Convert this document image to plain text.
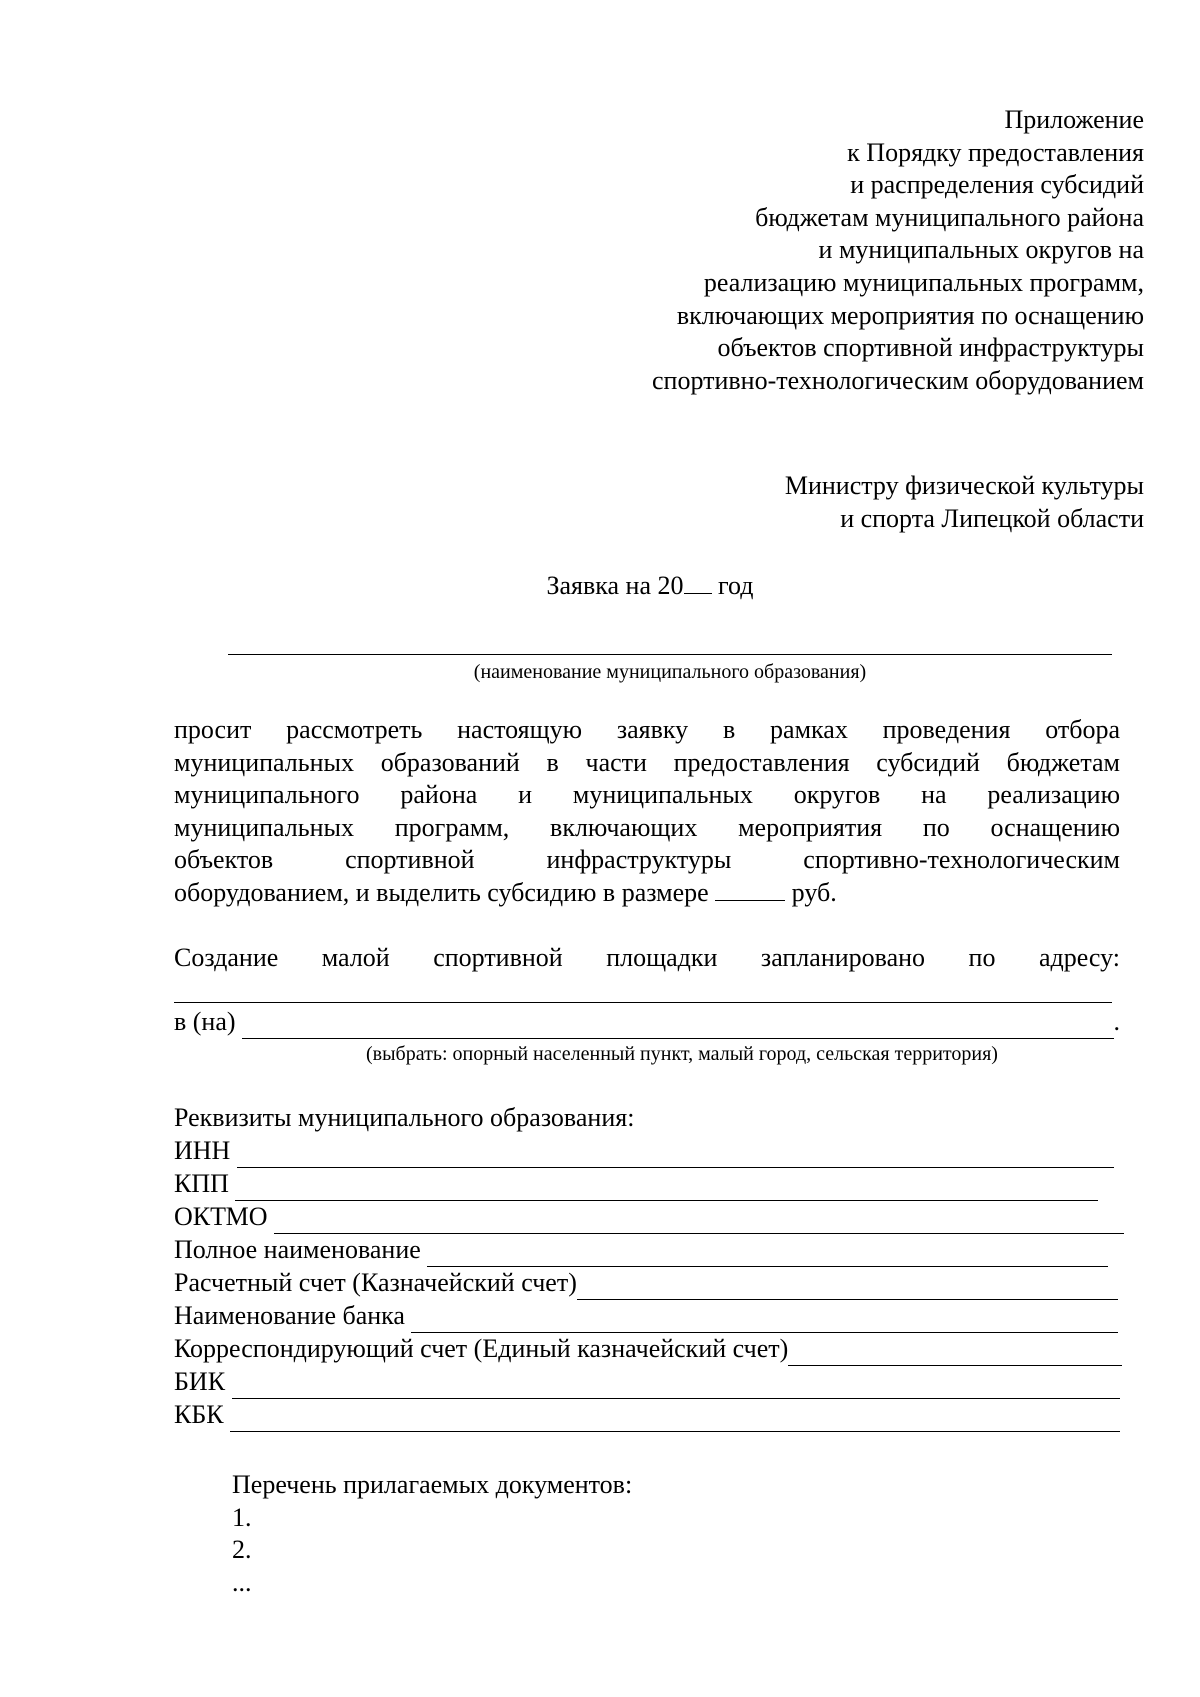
Приложение
к Порядку предоставления
и распределения субсидий
бюджетам муниципального района
и муниципальных округов на
реализацию муниципальных программ,
включающих мероприятия по оснащению
объектов спортивной инфраструктуры
спортивно-технологическим оборудованием
Министру физической культуры
и спорта Липецкой области
Заявка на 20 год
(наименование муниципального образования)
просит рассмотреть настоящую заявку в рамках проведения отбора
муниципальных образований в части предоставления субсидий бюджетам
муниципального района и муниципальных округов на реализацию
муниципальных программ, включающих мероприятия по оснащению
объектов спортивной инфраструктуры спортивно-технологическим
оборудованием, и выделить субсидию в размере	руб.
Создание малой спортивной площадки запланировано по адресу:
в (на)	.
(выбрать: опорный населенный пункт, малый город, сельская территория)
Реквизиты муниципального образования:
ИНН
КПП
ОКТМО
Полное наименование
Расчетный счет (Казначейский счет)
Наименование банка
Корреспондирующий счет (Единый казначейский счет)
БИК
КБК
Перечень прилагаемых документов:
1.
2.
...
